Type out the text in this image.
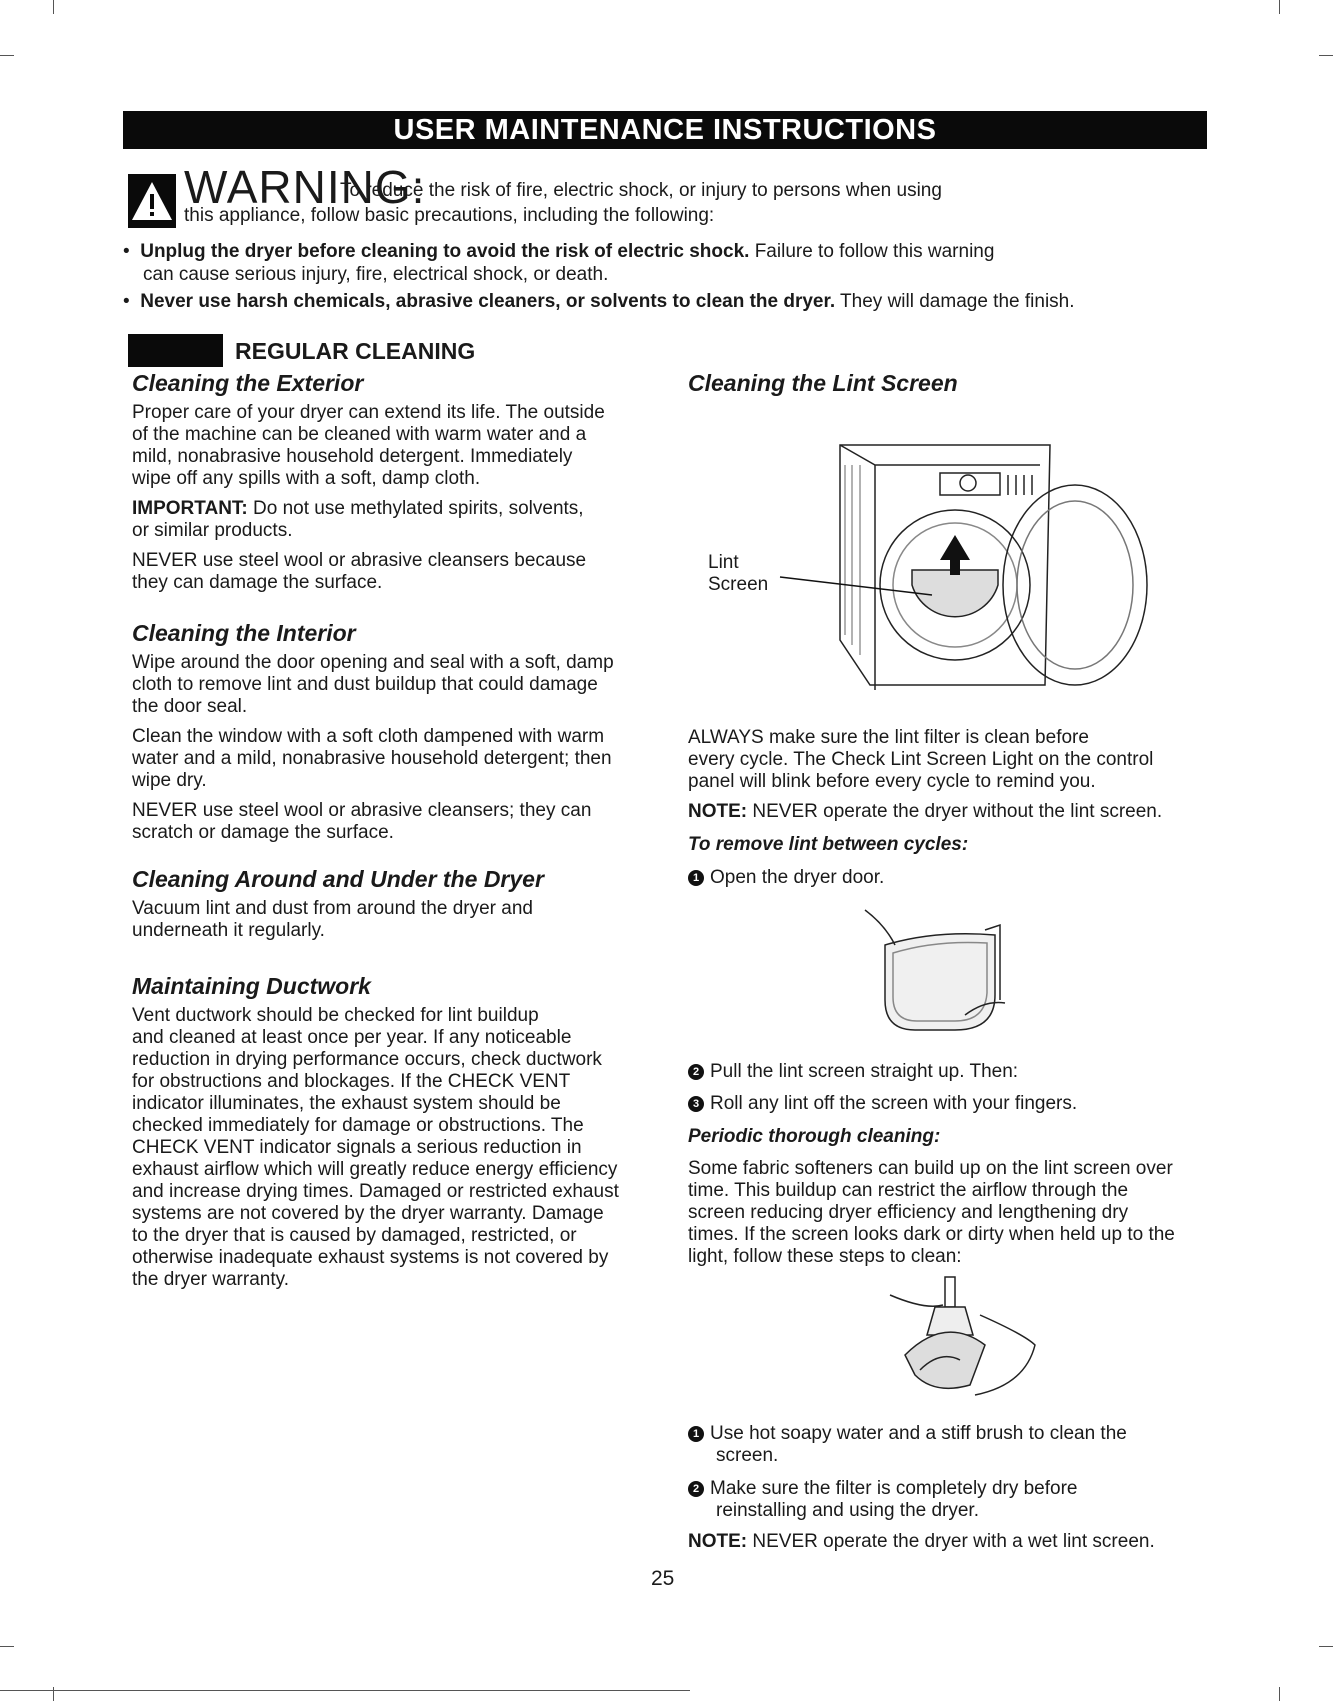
USER MAINTENANCE INSTRUCTIONS
WARNING:
To reduce the risk of fire, electric shock, or injury to persons when using
this appliance, follow basic precautions, including the following:
•  Unplug the dryer before cleaning to avoid the risk of electric shock. Failure to follow this warning
can cause serious injury, fire, electrical shock, or death.
•  Never use harsh chemicals, abrasive cleaners, or solvents to clean the dryer. They will damage the finish.
REGULAR CLEANING
Cleaning the Exterior

Proper care of your dryer can extend its life. The outside
of the machine can be cleaned with warm water and a
mild, nonabrasive household detergent. Immediately
wipe off any spills with a soft, damp cloth.

IMPORTANT: Do not use methylated spirits, solvents,
or similar products.

NEVER use steel wool or abrasive cleansers because
they can damage the surface.

Cleaning the Interior

Wipe around the door opening and seal with a soft, damp
cloth to remove lint and dust buildup that could damage
the door seal.

Clean the window with a soft cloth dampened with warm
water and a mild, nonabrasive household detergent; then
wipe dry.

NEVER use steel wool or abrasive cleansers; they can
scratch or damage the surface.

Cleaning Around and Under the Dryer

Vacuum lint and dust from around the dryer and
underneath it regularly.

Maintaining Ductwork

Vent ductwork should be checked for lint buildup
and cleaned at least once per year. If any noticeable
reduction in drying performance occurs, check ductwork
for obstructions and blockages. If the CHECK VENT
indicator illuminates, the exhaust system should be
checked immediately for damage or obstructions. The
CHECK VENT indicator signals a serious reduction in
exhaust airflow which will greatly reduce energy efficiency
and increase drying times. Damaged or restricted exhaust
systems are not covered by the dryer warranty. Damage
to the dryer that is caused by damaged, restricted, or
otherwise inadequate exhaust systems is not covered by
the dryer warranty.

Cleaning the Lint Screen
Lint
Screen

ALWAYS make sure the lint filter is clean before
every cycle. The Check Lint Screen Light on the control
panel will blink before every cycle to remind you.

NOTE: NEVER operate the dryer without the lint screen.

To remove lint between cycles:
1 Open the dryer door.
2 Pull the lint screen straight up. Then:
3 Roll any lint off the screen with your fingers.
Periodic thorough cleaning:

Some fabric softeners can build up on the lint screen over
time. This buildup can restrict the airflow through the
screen reducing dryer efficiency and lengthening dry
times. If the screen looks dark or dirty when held up to the
light, follow these steps to clean:

1 Use hot soapy water and a stiff brush to clean the
screen.
2 Make sure the filter is completely dry before
reinstalling and using the dryer.
NOTE: NEVER operate the dryer with a wet lint screen.
25
